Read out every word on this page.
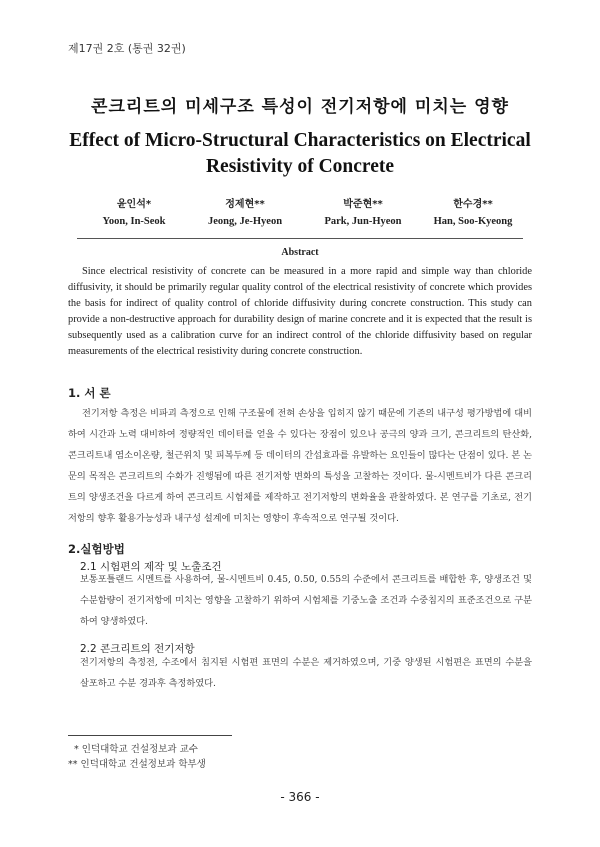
제17권 2호 (통권 32권)
콘크리트의 미세구조 특성이 전기저항에 미치는 영향
Effect of Micro-Structural Characteristics on Electrical Resistivity of Concrete
윤인석*
Yoon, In-Seok
정제현**
Jeong, Je-Hyeon
박준현**
Park, Jun-Hyeon
한수경**
Han, Soo-Kyeong
Abstract
Since electrical resistivity of concrete can be measured in a more rapid and simple way than chloride diffusivity, it should be primarily regular quality control of the electrical resistivity of concrete which provides the basis for indirect of quality control of chloride diffusivity during concrete construction. This study can provide a non-destructive approach for durability design of marine concrete and it is expected that the result is subsequently used as a calibration curve for an indirect control of the chloride diffusivity based on regular measurements of the electrical resistivity during concrete construction.
1. 서 론
전기저항 측정은 비파괴 측정으로 인해 구조물에 전혀 손상을 입히지 않기 때문에 기존의 내구성 평가방법에 대비하여 시간과 노력 대비하여 정량적인 데이터를 얻을 수 있다는 장점이 있으나 공극의 양과 크기, 콘크리트의 탄산화, 콘크리트내 염소이온량, 철근위치 및 피복두께 등 데이터의 간섭효과를 유발하는 요인들이 많다는 단점이 있다. 본 논문의 목적은 콘크리트의 수화가 진행됨에 따른 전기저항 변화의 특성을 고찰하는 것이다. 물-시멘트비가 다른 콘크리트의 양생조건을 다르게 하여 콘크리트 시험체를 제작하고 전기저항의 변화율을 관찰하였다. 본 연구를 기초로, 전기저항의 향후 활용가능성과 내구성 설계에 미치는 영향이 후속적으로 연구될 것이다.
2.실험방법
2.1 시험편의 제작 및 노출조건
보통포틀랜드 시멘트를 사용하여, 물-시멘트비 0.45, 0.50, 0.55의 수준에서 콘크리트를 배합한 후, 양생조건 및 수분함량이 전기저항에 미치는 영향을 고찰하기 위하여 시험체를 기중노출 조건과 수중침지의 표준조건으로 구분하여 양생하였다.
2.2 콘크리트의 전기저항
전기저항의 측정전, 수조에서 침지된 시험편 표면의 수분은 제거하였으며, 기중 양생된 시험편은 표면의 수분을 살포하고 수분 경과후 측정하였다.
* 인덕대학교 건설정보과 교수
** 인덕대학교 건설정보과 학부생
- 366 -
